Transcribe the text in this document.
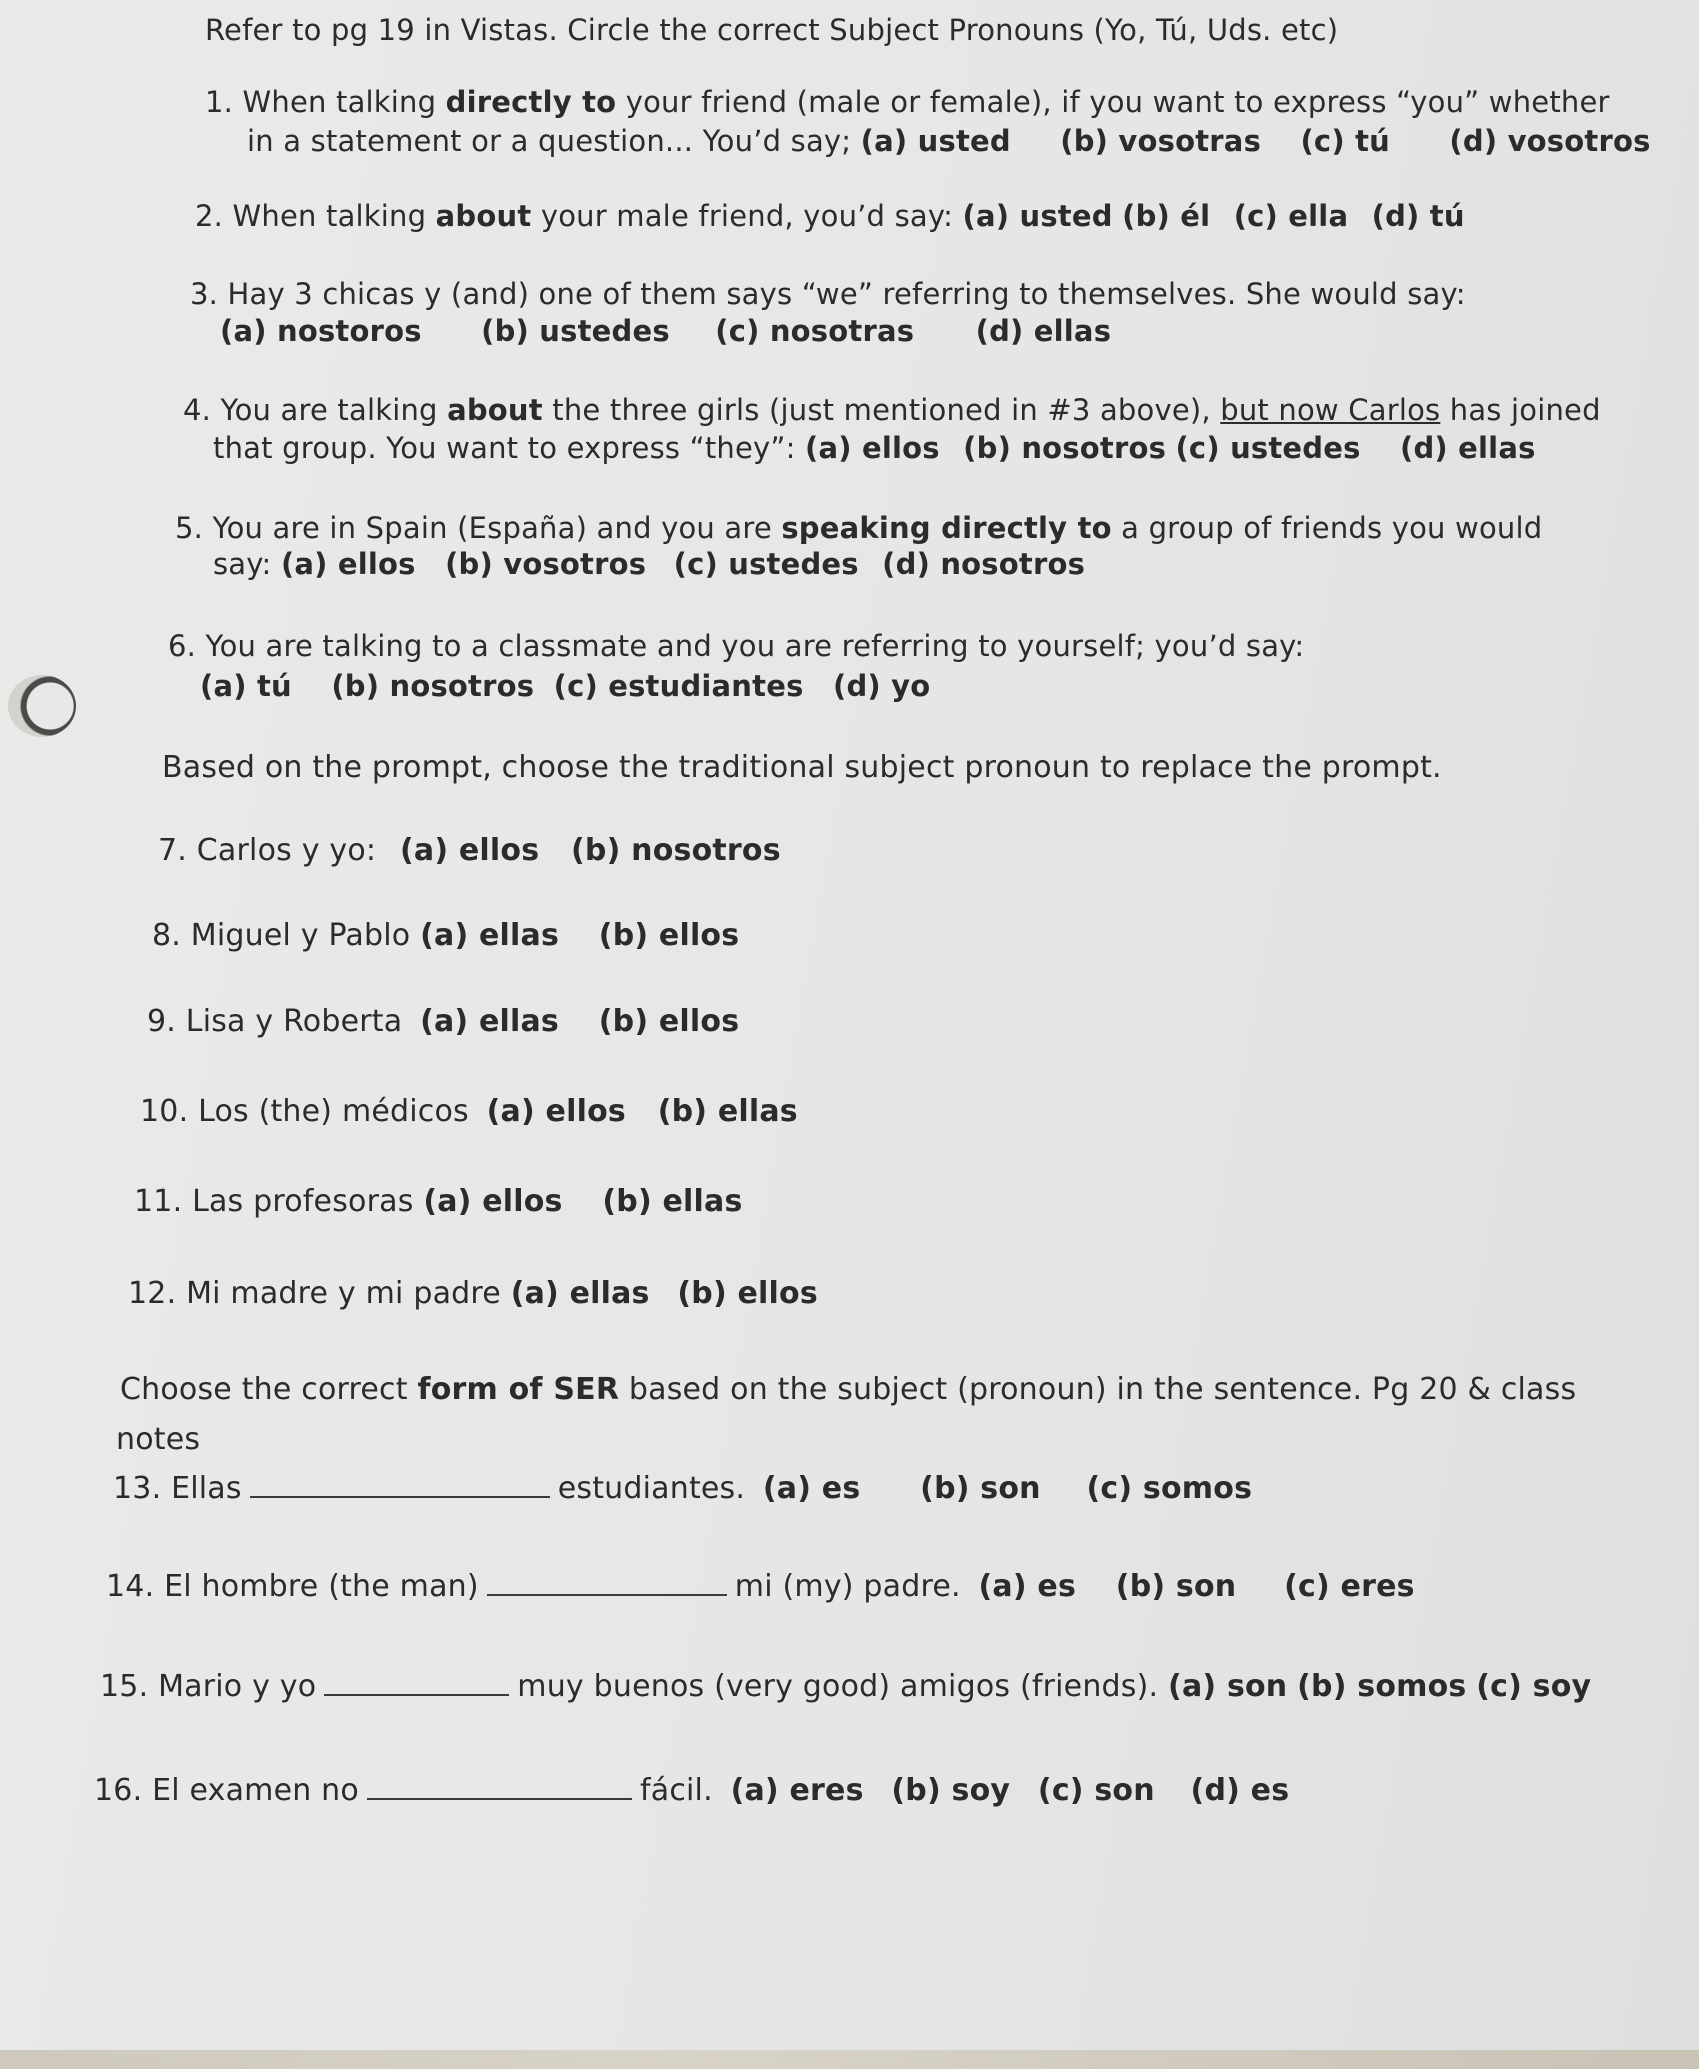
Refer to pg 19 in Vistas. Circle the correct Subject Pronouns (Yo, Tú, Uds. etc)
1. When talking directly to your friend (male or female), if you want to express “you” whether
in a statement or a question... You’d say; (a) usted (b) vosotras (c) tú (d) vosotros
2. When talking about your male friend, you’d say: (a) usted (b) él (c) ella (d) tú
3. Hay 3 chicas y (and) one of them says “we” referring to themselves. She would say:
(a) nostoros (b) ustedes (c) nosotras (d) ellas
4. You are talking about the three girls (just mentioned in #3 above), but now Carlos has joined
that group. You want to express “they”: (a) ellos (b) nosotros (c) ustedes (d) ellas
5. You are in Spain (España) and you are speaking directly to a group of friends you would
say: (a) ellos (b) vosotros (c) ustedes (d) nosotros
6. You are talking to a classmate and you are referring to yourself; you’d say:
(a) tú (b) nosotros (c) estudiantes (d) yo
Based on the prompt, choose the traditional subject pronoun to replace the prompt.
7. Carlos y yo: (a) ellos (b) nosotros
8. Miguel y Pablo (a) ellas (b) ellos
9. Lisa y Roberta (a) ellas (b) ellos
10. Los (the) médicos (a) ellos (b) ellas
11. Las profesoras (a) ellos (b) ellas
12. Mi madre y mi padre (a) ellas (b) ellos
Choose the correct form of SER based on the subject (pronoun) in the sentence. Pg 20 & class
notes
13. Ellas	estudiantes. (a) es (b) son (c) somos
14. El hombre (the man)	mi (my) padre. (a) es (b) son (c) eres
15. Mario y yo	muy buenos (very good) amigos (friends). (a) son (b) somos (c) soy
16. El examen no	fácil. (a) eres (b) soy (c) son (d) es
